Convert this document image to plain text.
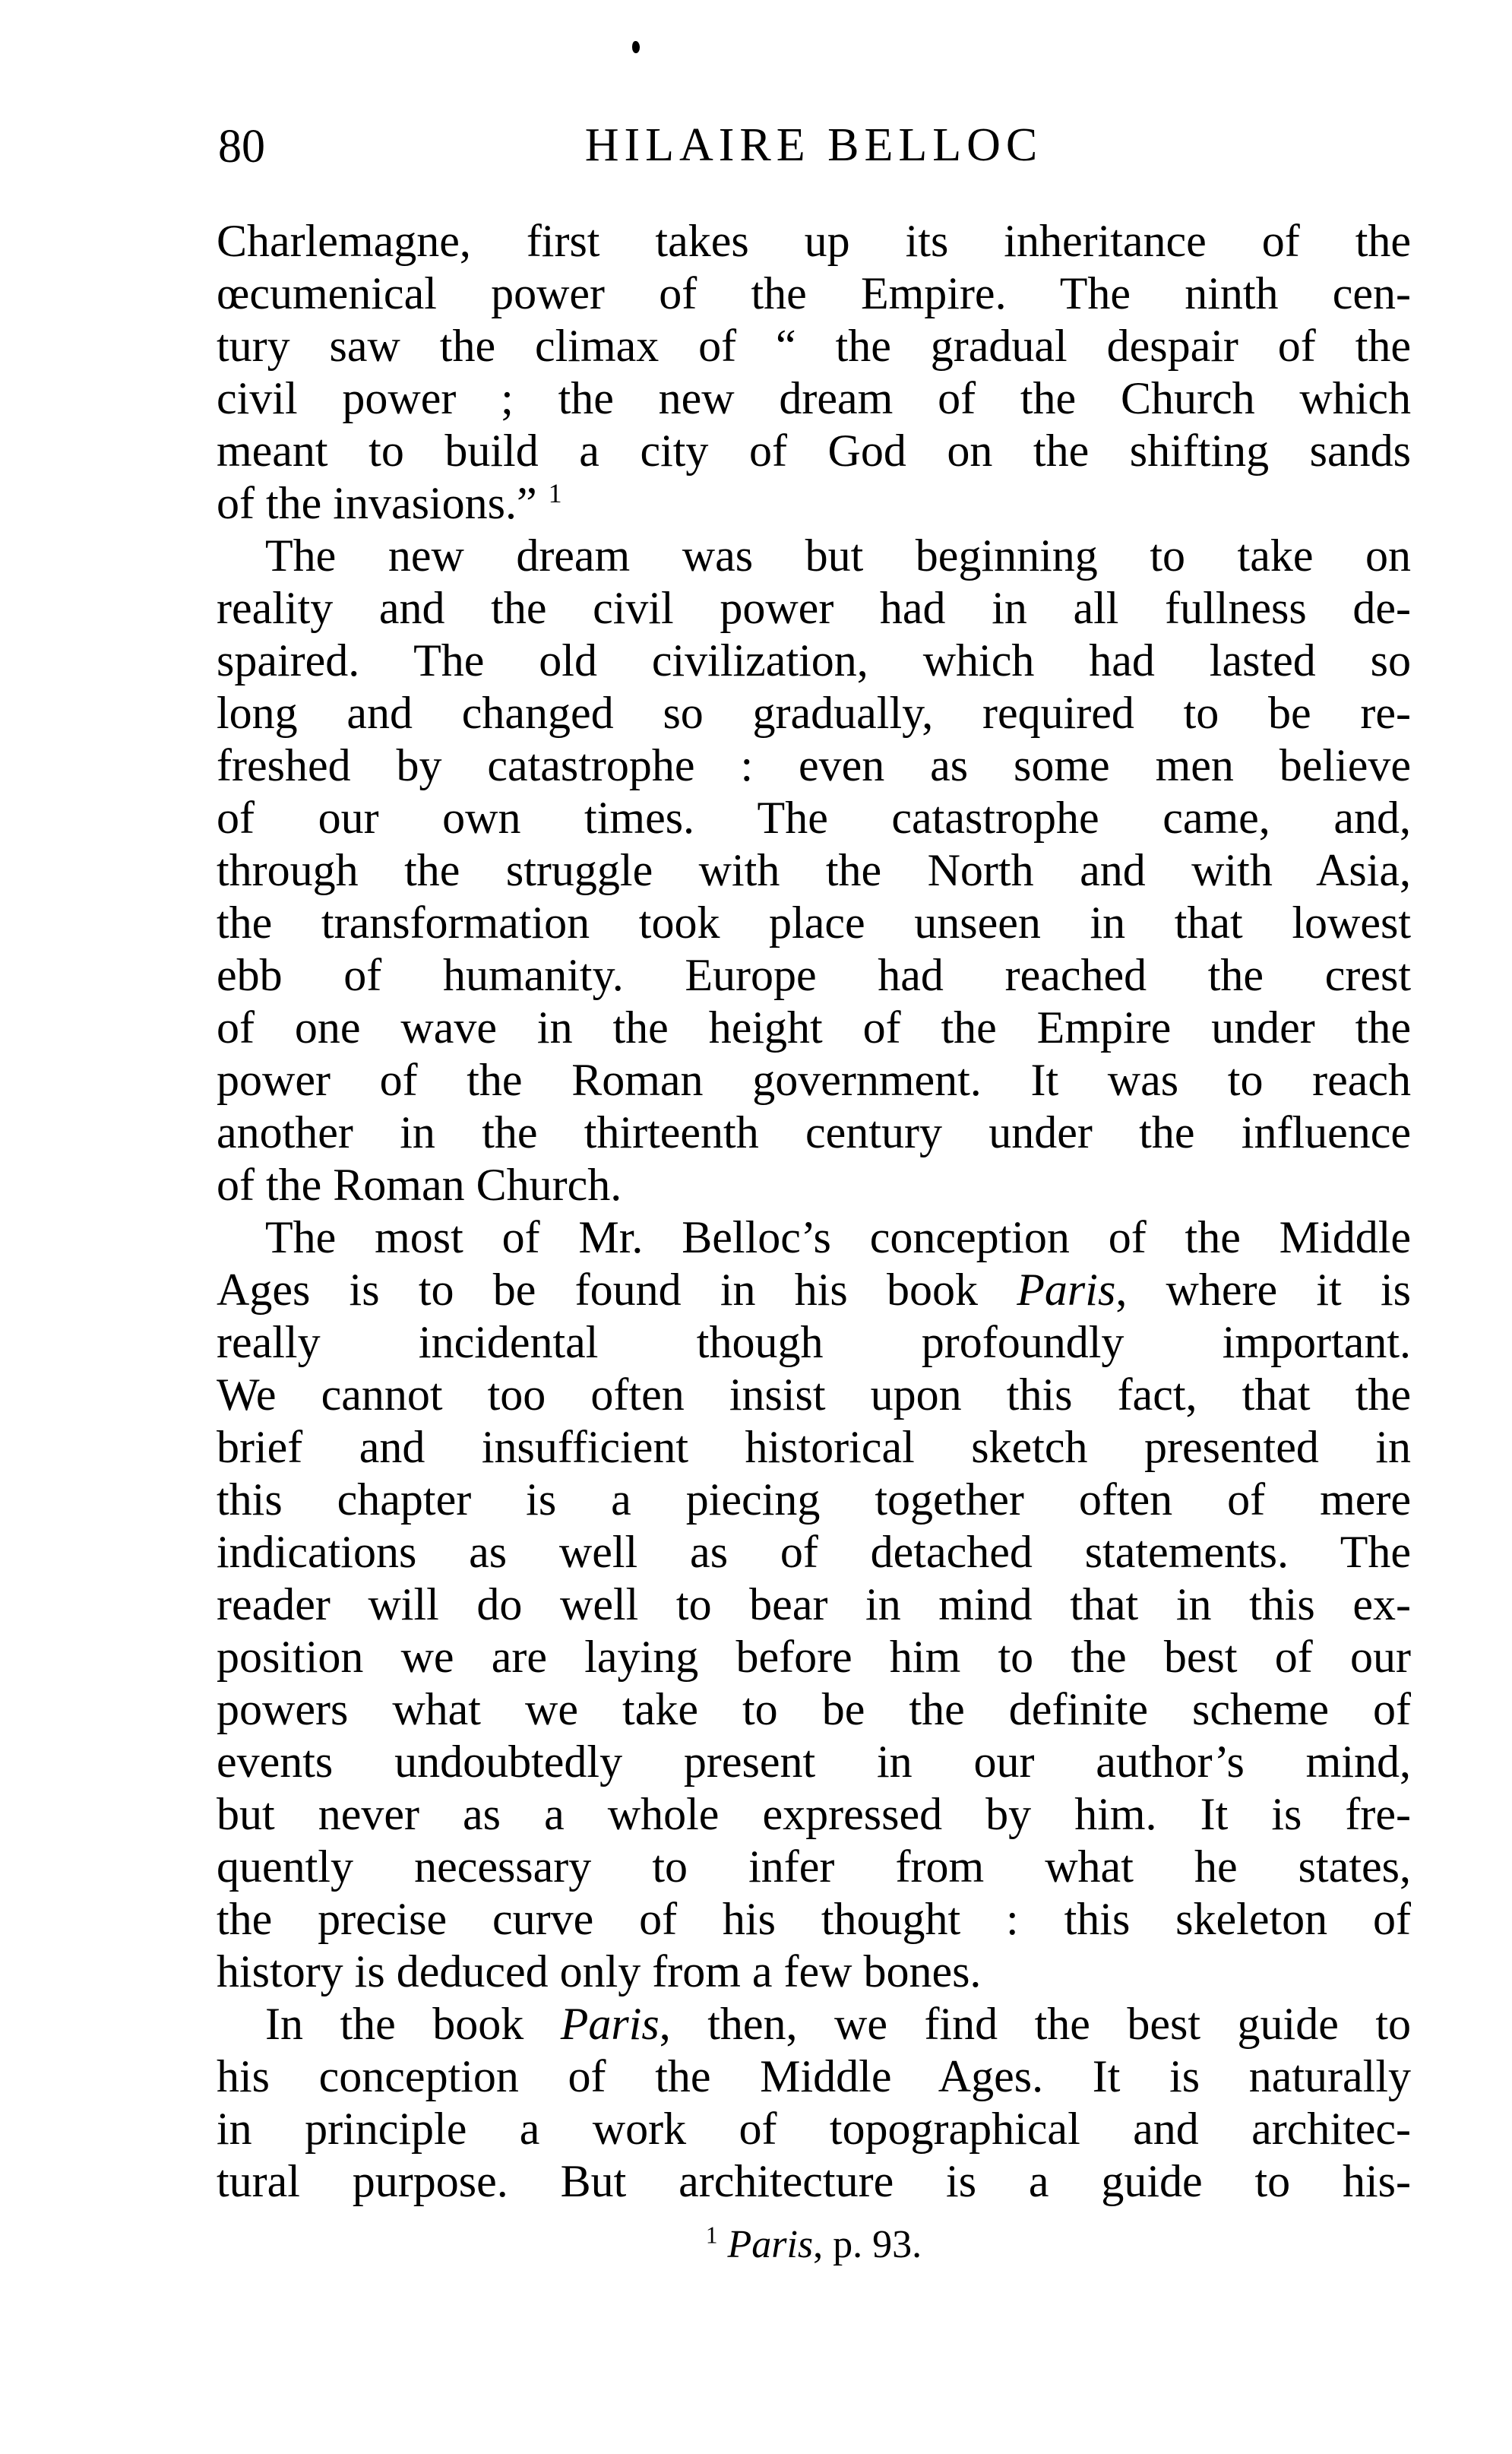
80	HILAIRE BELLOC
Charlemagne, first takes up its inheritance of the
œcumenical power of the Empire. The ninth cen-
tury saw the climax of “ the gradual despair of the
civil power ; the new dream of the Church which
meant to build a city of God on the shifting sands
of the invasions.” $^1$
The new dream was but beginning to take on
reality and the civil power had in all fullness de-
spaired. The old civilization, which had lasted so
long and changed so gradually, required to be re-
freshed by catastrophe : even as some men believe
of our own times. The catastrophe came, and,
through the struggle with the North and with Asia,
the transformation took place unseen in that lowest
ebb of humanity. Europe had reached the crest
of one wave in the height of the Empire under the
power of the Roman government. It was to reach
another in the thirteenth century under the influence
of the Roman Church.
The most of Mr. Belloc’s conception of the Middle
Ages is to be found in his book Paris, where it is
really incidental though profoundly important.
We cannot too often insist upon this fact, that the
brief and insufficient historical sketch presented in
this chapter is a piecing together often of mere
indications as well as of detached statements. The
reader will do well to bear in mind that in this ex-
position we are laying before him to the best of our
powers what we take to be the definite scheme of
events undoubtedly present in our author’s mind,
but never as a whole expressed by him. It is fre-
quently necessary to infer from what he states,
the precise curve of his thought : this skeleton of
history is deduced only from a few bones.
In the book Paris, then, we find the best guide to
his conception of the Middle Ages. It is naturally
in principle a work of topographical and architec-
tural purpose. But architecture is a guide to his-
$^1$ Paris, p. 93.
